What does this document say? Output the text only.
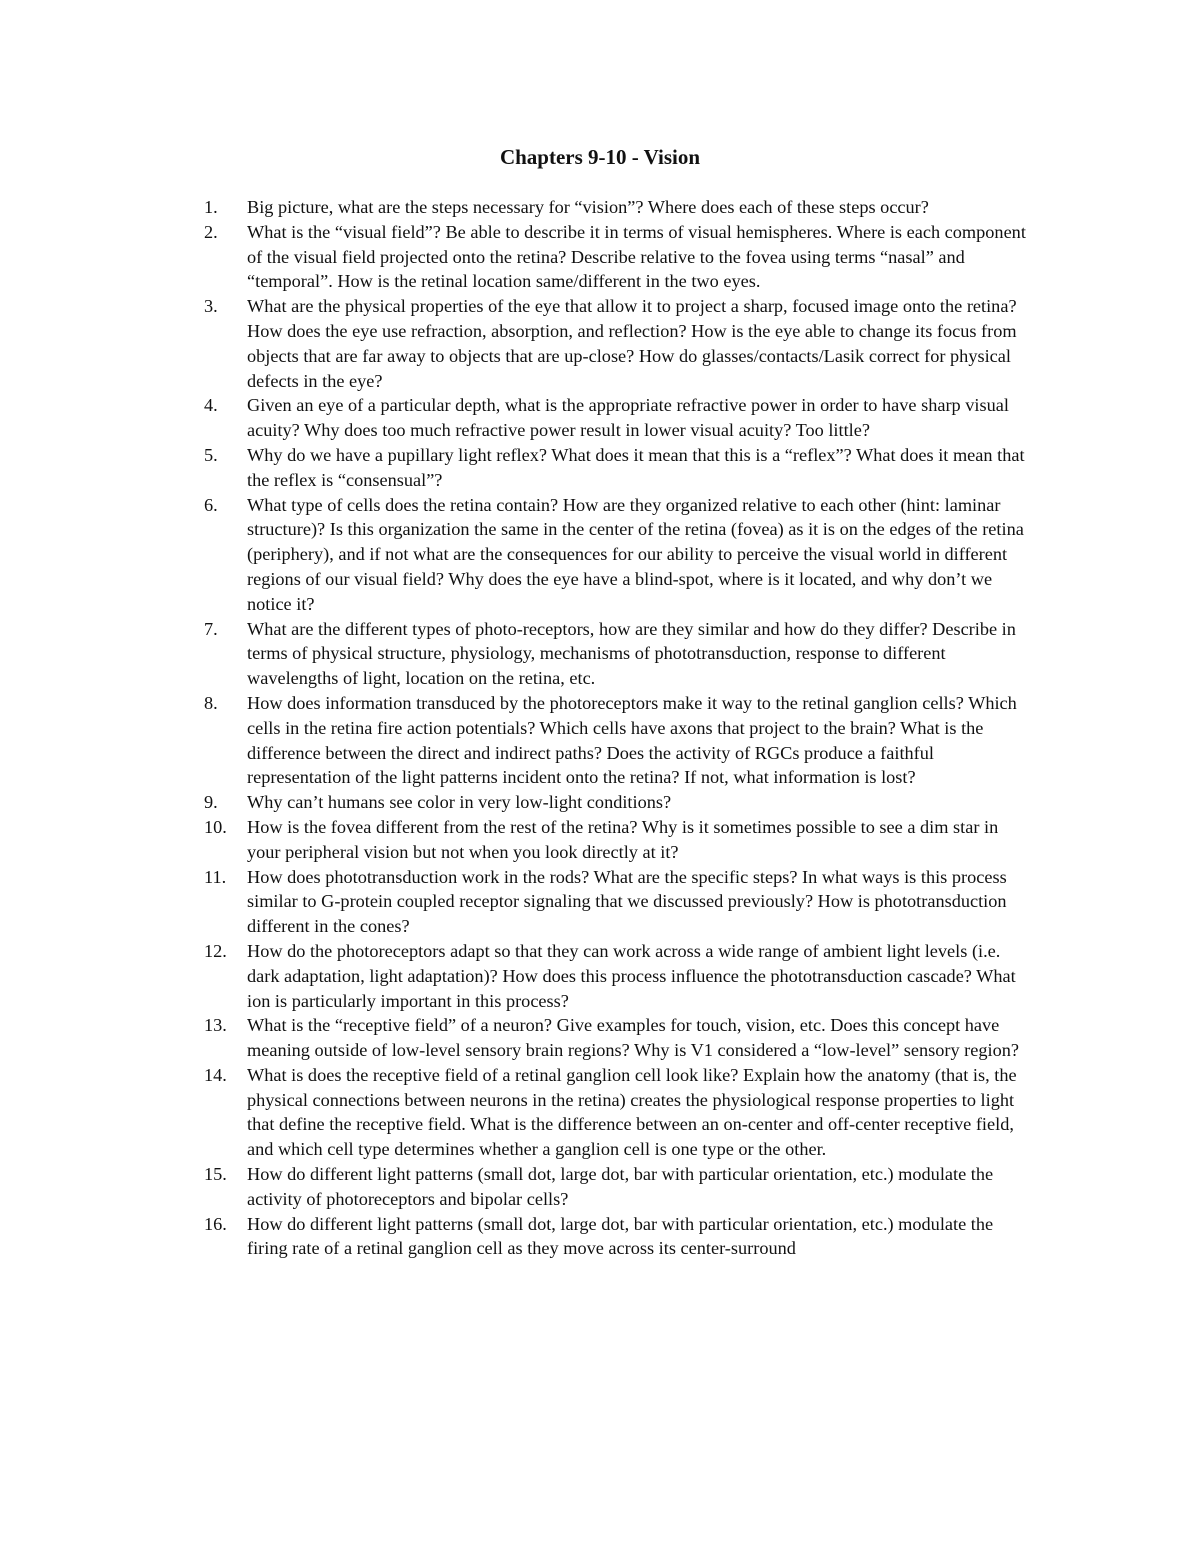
Chapters 9-10 - Vision
1.	Big picture, what are the steps necessary for “vision”? Where does each of these steps occur?
2.	What is the “visual field”? Be able to describe it in terms of visual hemispheres. Where is each component of the visual field projected onto the retina? Describe relative to the fovea using terms “nasal” and “temporal”. How is the retinal location same/different in the two eyes.
3.	What are the physical properties of the eye that allow it to project a sharp, focused image onto the retina? How does the eye use refraction, absorption, and reflection? How is the eye able to change its focus from objects that are far away to objects that are up-close? How do glasses/contacts/Lasik correct for physical defects in the eye?
4.	Given an eye of a particular depth, what is the appropriate refractive power in order to have sharp visual acuity? Why does too much refractive power result in lower visual acuity? Too little?
5.	Why do we have a pupillary light reflex? What does it mean that this is a “reflex”? What does it mean that the reflex is “consensual”?
6.	What type of cells does the retina contain? How are they organized relative to each other (hint: laminar structure)? Is this organization the same in the center of the retina (fovea) as it is on the edges of the retina (periphery), and if not what are the consequences for our ability to perceive the visual world in different regions of our visual field? Why does the eye have a blind-spot, where is it located, and why don’t we notice it?
7.	What are the different types of photo-receptors, how are they similar and how do they differ? Describe in terms of physical structure, physiology, mechanisms of phototransduction, response to different wavelengths of light, location on the retina, etc.
8.	How does information transduced by the photoreceptors make it way to the retinal ganglion cells? Which cells in the retina fire action potentials? Which cells have axons that project to the brain? What is the difference between the direct and indirect paths? Does the activity of RGCs produce a faithful representation of the light patterns incident onto the retina? If not, what information is lost?
9.	Why can’t humans see color in very low-light conditions?
10.	How is the fovea different from the rest of the retina? Why is it sometimes possible to see a dim star in your peripheral vision but not when you look directly at it?
11.	How does phototransduction work in the rods? What are the specific steps? In what ways is this process similar to G-protein coupled receptor signaling that we discussed previously? How is phototransduction different in the cones?
12.	How do the photoreceptors adapt so that they can work across a wide range of ambient light levels (i.e. dark adaptation, light adaptation)? How does this process influence the phototransduction cascade? What ion is particularly important in this process?
13.	What is the “receptive field” of a neuron? Give examples for touch, vision, etc. Does this concept have meaning outside of low-level sensory brain regions? Why is V1 considered a “low-level” sensory region?
14.	What is does the receptive field of a retinal ganglion cell look like? Explain how the anatomy (that is, the physical connections between neurons in the retina) creates the physiological response properties to light that define the receptive field. What is the difference between an on-center and off-center receptive field, and which cell type determines whether a ganglion cell is one type or the other.
15.	How do different light patterns (small dot, large dot, bar with particular orientation, etc.) modulate the activity of photoreceptors and bipolar cells?
16.	How do different light patterns (small dot, large dot, bar with particular orientation, etc.) modulate the firing rate of a retinal ganglion cell as they move across its center-surround
